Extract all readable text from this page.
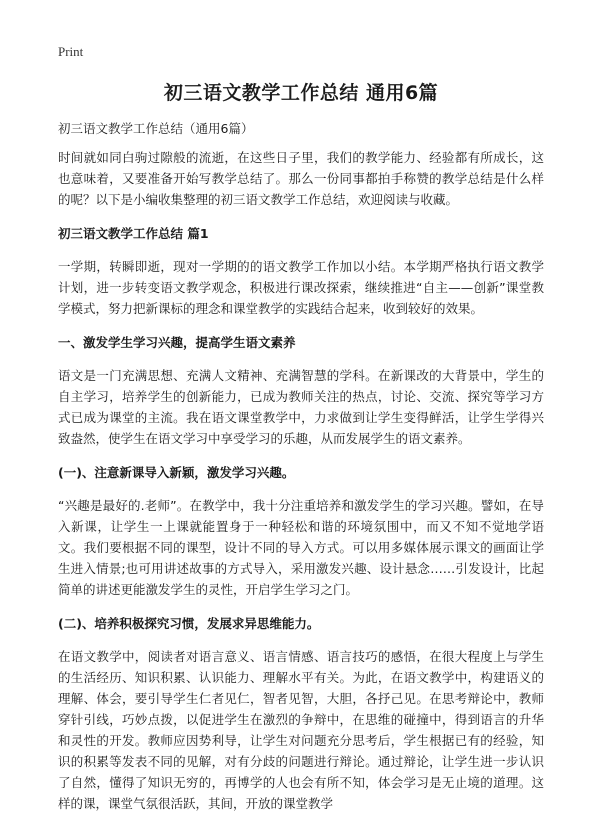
Print
初三语文教学工作总结 通用6篇
初三语文教学工作总结（通用6篇）

时间就如同白驹过隙般的流逝，在这些日子里，我们的教学能力、经验都有所成长，这也意味着，又要准备开始写教学总结了。那么一份同事都拍手称赞的教学总结是什么样的呢？以下是小编收集整理的初三语文教学工作总结，欢迎阅读与收藏。

初三语文教学工作总结 篇1

一学期，转瞬即逝，现对一学期的的语文教学工作加以小结。本学期严格执行语文教学计划，进一步转变语文教学观念，积极进行课改探索，继续推进“自主——创新”课堂教学模式，努力把新课标的理念和课堂教学的实践结合起来，收到较好的效果。

一、激发学生学习兴趣，提高学生语文素养

语文是一门充满思想、充满人文精神、充满智慧的学科。在新课改的大背景中，学生的自主学习，培养学生的创新能力，已成为教师关注的热点，讨论、交流、探究等学习方式已成为课堂的主流。我在语文课堂教学中，力求做到让学生变得鲜活，让学生学得兴致盎然，使学生在语文学习中享受学习的乐趣，从而发展学生的语文素养。

(一)、注意新课导入新颖，激发学习兴趣。

“兴趣是最好的.老师”。在教学中，我十分注重培养和激发学生的学习兴趣。譬如，在导入新课，让学生一上课就能置身于一种轻松和谐的环境氛围中，而又不知不觉地学语文。我们要根据不同的课型，设计不同的导入方式。可以用多媒体展示课文的画面让学生进入情景;也可用讲述故事的方式导入，采用激发兴趣、设计悬念……引发设计，比起简单的讲述更能激发学生的灵性，开启学生学习之门。

(二)、培养积极探究习惯，发展求异思维能力。

在语文教学中，阅读者对语言意义、语言情感、语言技巧的感悟，在很大程度上与学生的生活经历、知识积累、认识能力、理解水平有关。为此，在语文教学中，构建语义的理解、体会，要引导学生仁者见仁，智者见智，大胆，各抒己见。在思考辩论中，教师穿针引线，巧妙点拨，以促进学生在激烈的争辩中，在思维的碰撞中，得到语言的升华和灵性的开发。教师应因势利导，让学生对问题充分思考后，学生根据已有的经验，知识的积累等发表不同的见解，对有分歧的问题进行辩论。通过辩论，让学生进一步认识了自然，懂得了知识无穷的，再博学的人也会有所不知，体会学习是无止境的道理。这样的课，课堂气氛很活跃，其间，开放的课堂教学
